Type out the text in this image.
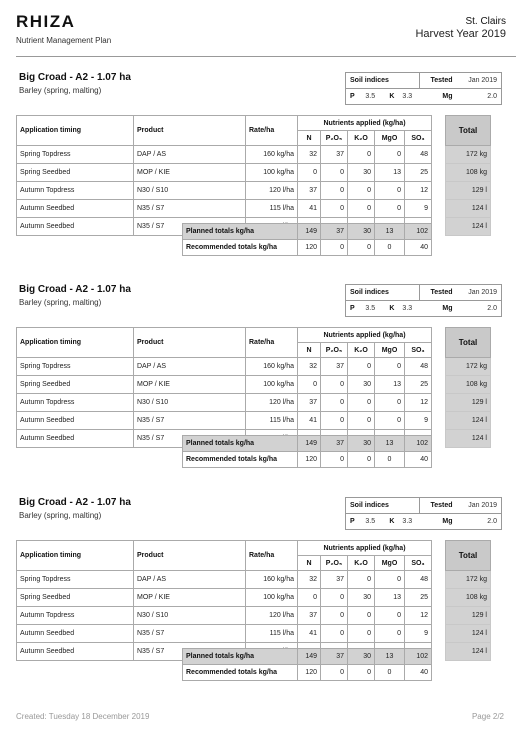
RHIZA
Nutrient Management Plan
St. Clairs
Harvest Year 2019
Big Croad - A2 - 1.07 ha
Barley (spring, malting)
Soil indices				Tested	Jan 2019
P	3.5	K	3.3	Mg	2.0
Application timing	Product	Rate/ha	Nutrients applied (kg/ha)						Total
			N	P₂O₅	K₂O	MgO	SO₃		
Spring Topdress	DAP / AS	160 kg/ha	32	37	0	0	48		172 kg
Spring Seedbed	MOP / KIE	100 kg/ha	0	0	30	13	25		108 kg
Autumn Topdress	N30 / S10	120 l/ha	37	0	0	0	12		129 l
Autumn Seedbed	N35 / S7	115 l/ha	41	0	0	0	9		124 l
Autumn Seedbed	N35 / S7								124 l
Planned totals kg/ha	149	37	30	13	102
Recommended totals kg/ha	120	0	0	0	40
Big Croad - A2 - 1.07 ha
Barley (spring, malting)
Soil indices				Tested	Jan 2019
P	3.5	K	3.3	Mg	2.0
Application timing	Product	Rate/ha	Nutrients applied (kg/ha)						Total
			N	P₂O₅	K₂O	MgO	SO₃		
Spring Topdress	DAP / AS	160 kg/ha	32	37	0	0	48		172 kg
Spring Seedbed	MOP / KIE	100 kg/ha	0	0	30	13	25		108 kg
Autumn Topdress	N30 / S10	120 l/ha	37	0	0	0	12		129 l
Autumn Seedbed	N35 / S7	115 l/ha	41	0	0	0	9		124 l
Autumn Seedbed	N35 / S7								124 l
Planned totals kg/ha	149	37	30	13	102
Recommended totals kg/ha	120	0	0	0	40
Big Croad - A2 - 1.07 ha
Barley (spring, malting)
Soil indices				Tested	Jan 2019
P	3.5	K	3.3	Mg	2.0
Application timing	Product	Rate/ha	Nutrients applied (kg/ha)						Total
			N	P₂O₅	K₂O	MgO	SO₃		
Spring Topdress	DAP / AS	160 kg/ha	32	37	0	0	48		172 kg
Spring Seedbed	MOP / KIE	100 kg/ha	0	0	30	13	25		108 kg
Autumn Topdress	N30 / S10	120 l/ha	37	0	0	0	12		129 l
Autumn Seedbed	N35 / S7	115 l/ha	41	0	0	0	9		124 l
Autumn Seedbed	N35 / S7								124 l
Planned totals kg/ha	149	37	30	13	102
Recommended totals kg/ha	120	0	0	0	40
Created: Tuesday 18 December 2019	Page 2/2
